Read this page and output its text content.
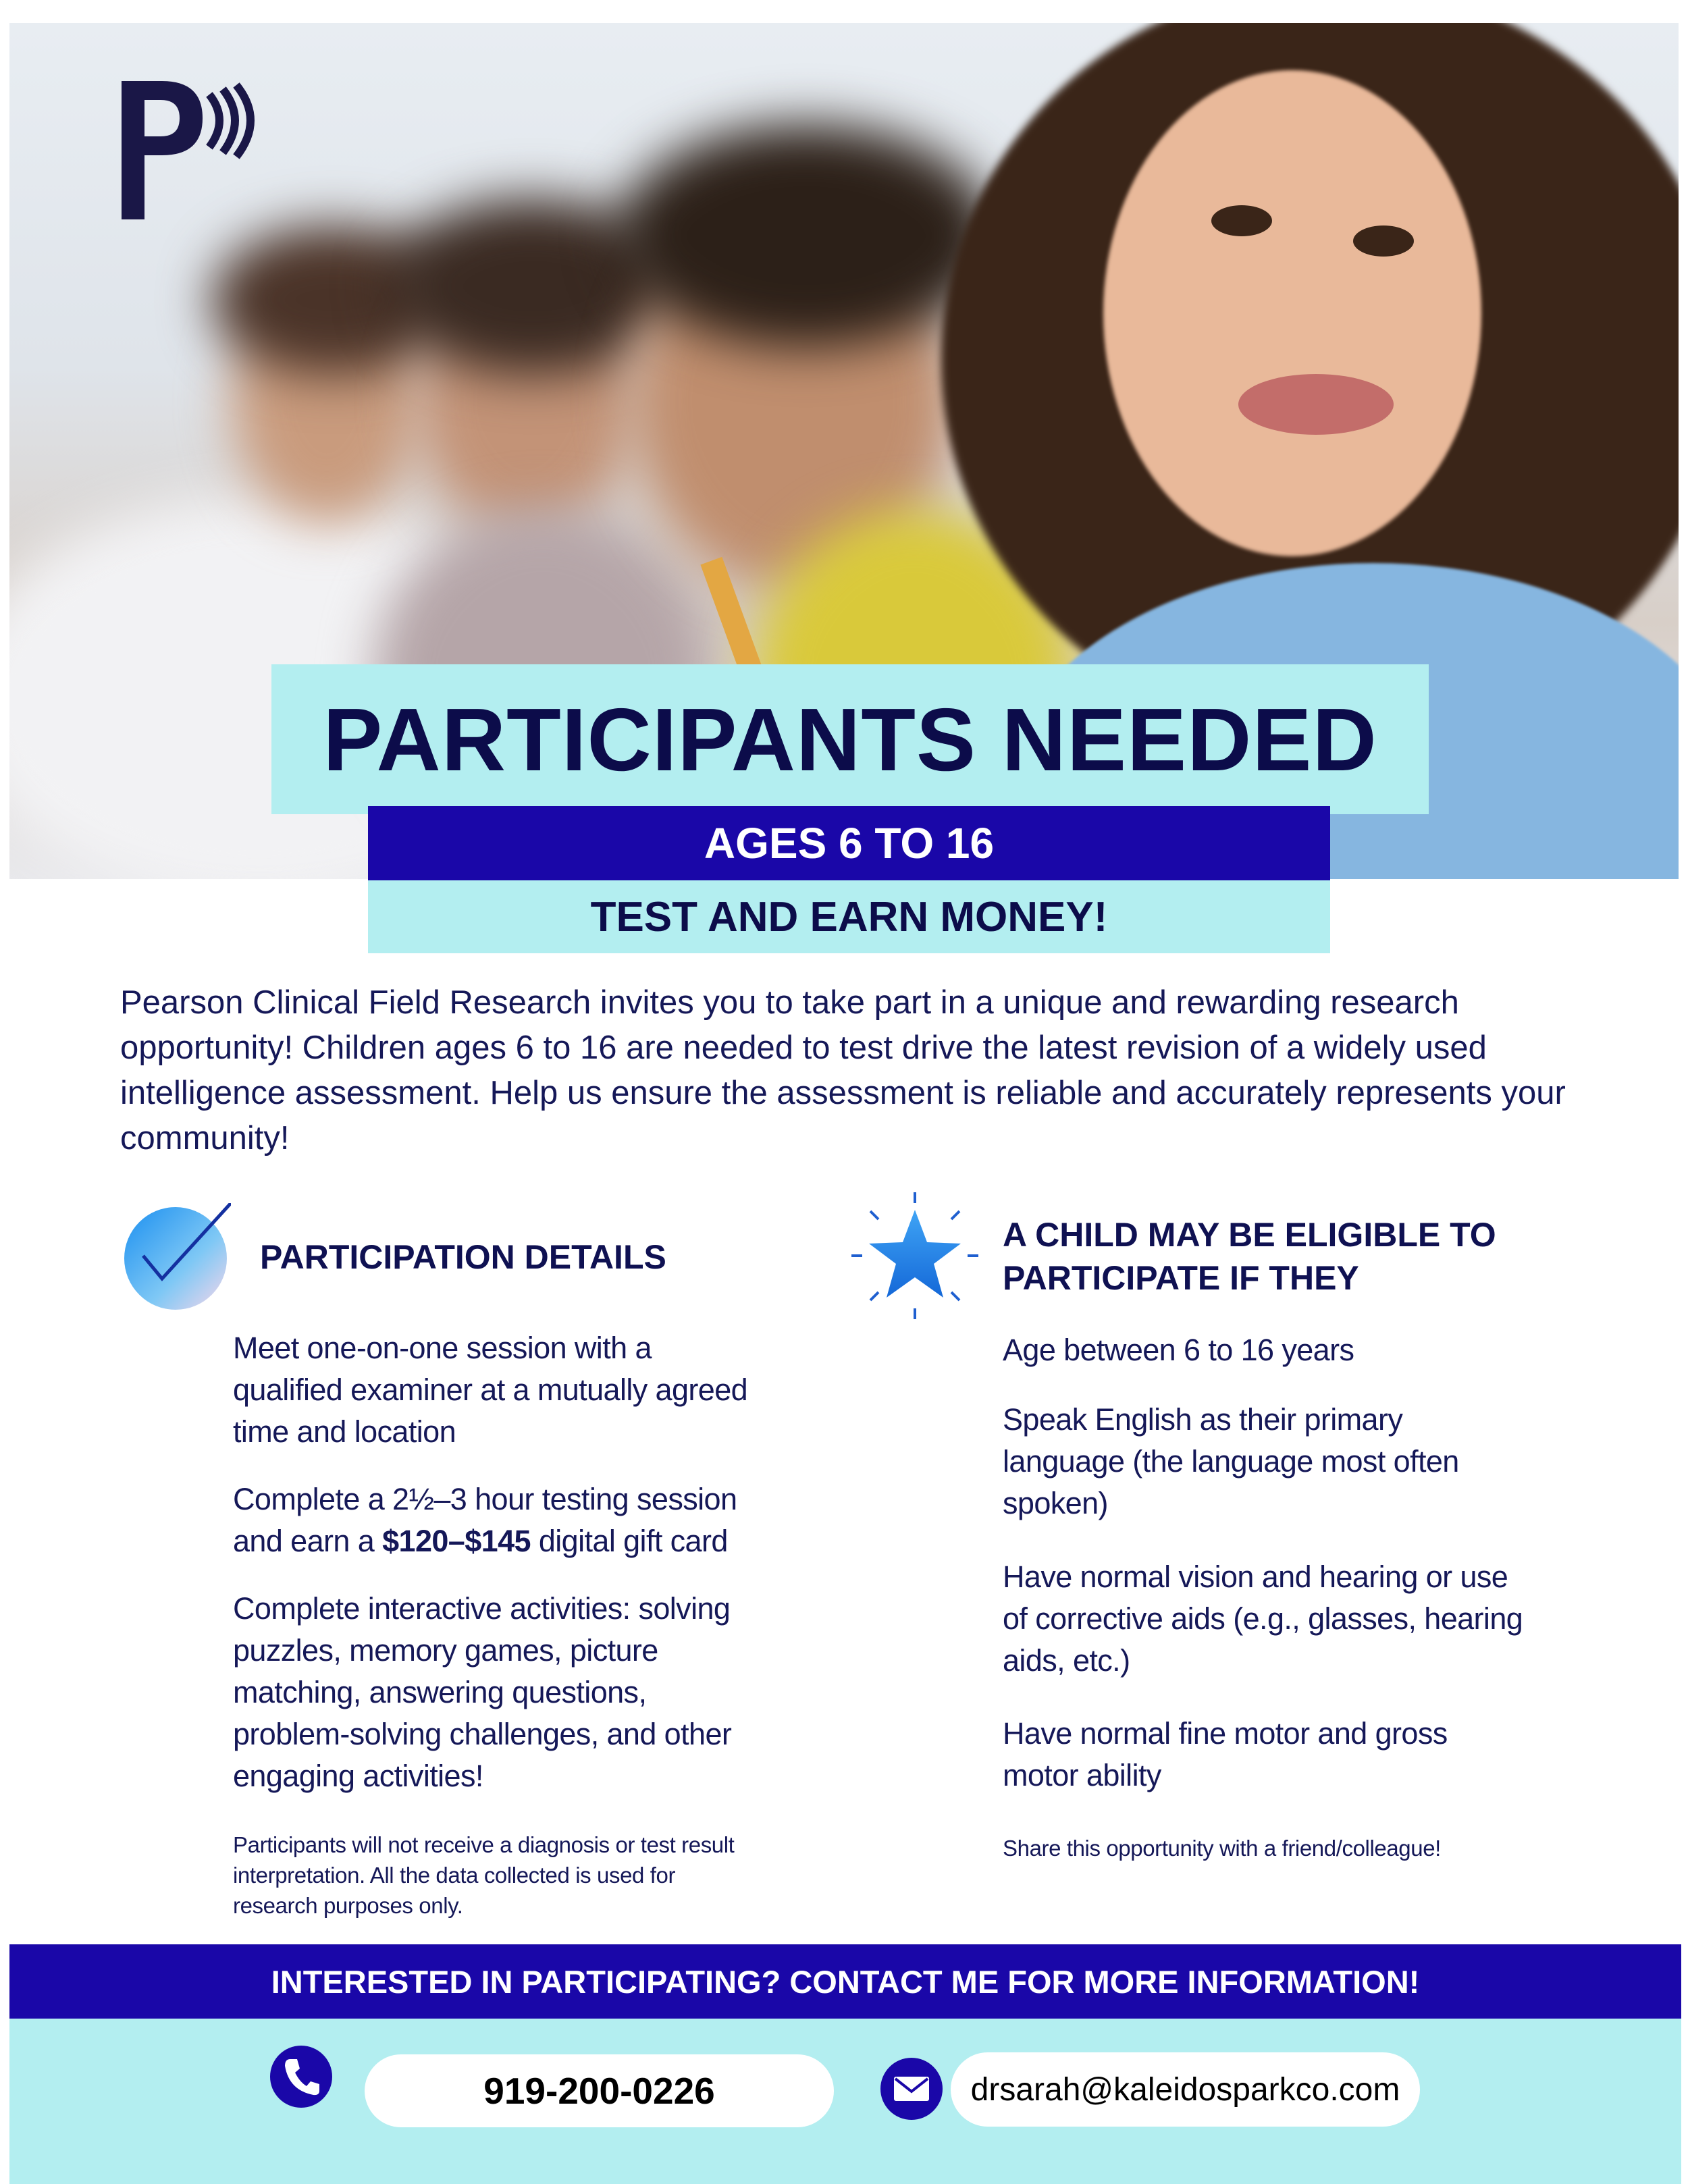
PARTICIPANTS NEEDED
AGES 6 TO 16
TEST AND EARN MONEY!
Pearson Clinical Field Research invites you to take part in a unique and rewarding research opportunity! Children ages 6 to 16 are needed to test drive the latest revision of a widely used intelligence assessment. Help us ensure the assessment is reliable and accurately represents your community!
PARTICIPATION DETAILS
Meet one-on-one session with a qualified examiner at a mutually agreed time and location
Complete a 2½–3 hour testing session and earn a $120–$145 digital gift card
Complete interactive activities: solving puzzles, memory games, picture matching, answering questions, problem-solving challenges, and other engaging activities!
Participants will not receive a diagnosis or test result interpretation. All the data collected is used for research purposes only.
A CHILD MAY BE ELIGIBLE TO
PARTICIPATE IF THEY
Age between 6 to 16 years
Speak English as their primary language (the language most often spoken)
Have normal vision and hearing or use of corrective aids (e.g., glasses, hearing aids, etc.)
Have normal fine motor and gross motor ability
Share this opportunity with a friend/colleague!
INTERESTED IN PARTICIPATING? CONTACT ME FOR MORE INFORMATION!
919-200-0226	drsarah@kaleidosparkco.com
